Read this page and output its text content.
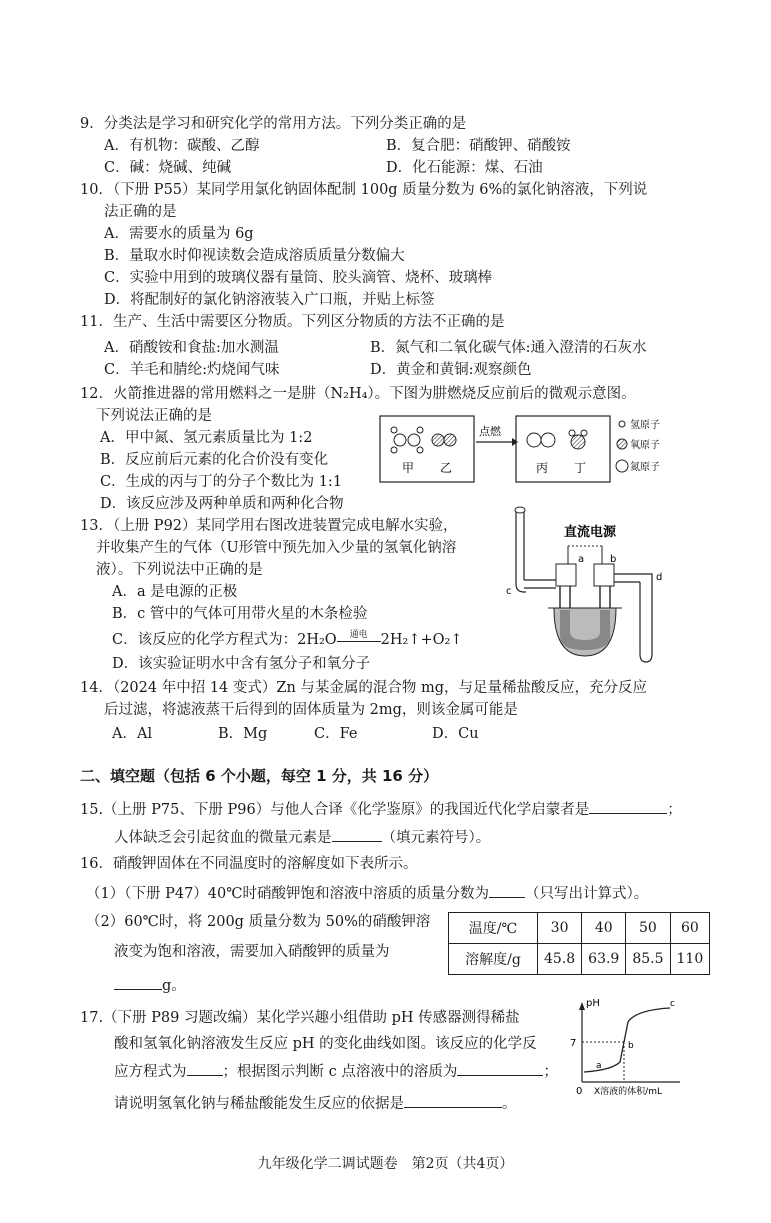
9．分类法是学习和研究化学的常用方法。下列分类正确的是
A．有机物：碳酸、乙醇	B．复合肥：硝酸钾、硝酸铵
C．碱：烧碱、纯碱	D．化石能源：煤、石油
10．（下册 P55）某同学用氯化钠固体配制 100g 质量分数为 6%的氯化钠溶液，下列说
法正确的是
A．需要水的质量为 6g
B．量取水时仰视读数会造成溶质质量分数偏大
C．实验中用到的玻璃仪器有量筒、胶头滴管、烧杯、玻璃棒
D．将配制好的氯化钠溶液装入广口瓶，并贴上标签
11．生产、生活中需要区分物质。下列区分物质的方法不正确的是
A．硝酸铵和食盐:加水测温	B．氮气和二氧化碳气体:通入澄清的石灰水
C．羊毛和腈纶:灼烧闻气味	D．黄金和黄铜:观察颜色
12．火箭推进器的常用燃料之一是肼（N₂H₄）。下图为肼燃烧反应前后的微观示意图。
下列说法正确的是
A．甲中氮、氢元素质量比为 1:2
B．反应前后元素的化合价没有变化
C．生成的丙与丁的分子个数比为 1:1
D．该反应涉及两种单质和两种化合物
点燃
甲 乙	丙 丁
氢原子
氧原子
氮原子
13．（上册 P92）某同学用右图改进装置完成电解水实验，
并收集产生的气体（U形管中预先加入少量的氢氧化钠溶
液）。下列说法中正确的是
A．a 是电源的正极
B．c 管中的气体可用带火星的木条检验
C．该反应的化学方程式为：2H₂O 通电 2H₂↑+O₂↑
D．该实验证明水中含有氢分子和氧分子
c
直流电源
a	b
d
14．（2024 年中招 14 变式）Zn 与某金属的混合物 mg，与足量稀盐酸反应，充分反应
后过滤，将滤液蒸干后得到的固体质量为 2mg，则该金属可能是
A．Al	B．Mg	C．Fe	D．Cu
二、填空题（包括 6 个小题，每空 1 分，共 16 分）
15.（上册 P75、下册 P96）与他人合译《化学鉴原》的我国近代化学启蒙者是	；
人体缺乏会引起贫血的微量元素是	（填元素符号）。
16．硝酸钾固体在不同温度时的溶解度如下表所示。
（1）（下册 P47）40℃时硝酸钾饱和溶液中溶质的质量分数为 （只写出计算式）。
（2）60℃时，将 200g 质量分数为 50%的硝酸钾溶
液变为饱和溶液，需要加入硝酸钾的质量为
g。
温度/℃	30	40	50	60
溶解度/g	45.8	63.9	85.5	110
17.（下册 P89 习题改编）某化学兴趣小组借助 pH 传感器测得稀盐
酸和氢氧化钠溶液发生反应 pH 的变化曲线如图。该反应的化学反
应方程式为 ；根据图示判断 c 点溶液中的溶质为	；
请说明氢氧化钠与稀盐酸能发生反应的依据是	。
pH
7
0 X溶液的体积/mL
a
b
c
九年级化学二调试题卷　第2页（共4页）
